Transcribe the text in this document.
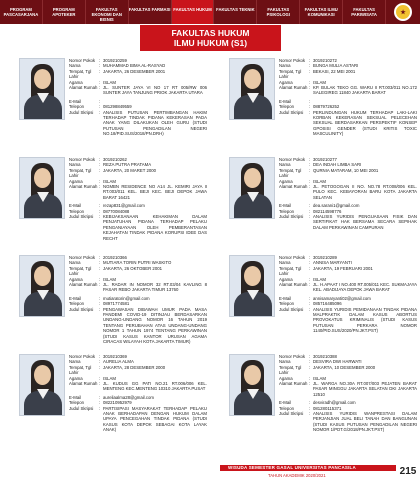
PROGRAM PASCASARJANA
PROGRAM APOTEKER
FAKULTAS EKONOMI DAN BISNIS
FAKULTAS FARMASI FAKULTAS HUKUM	FAKULTAS TEKNIK	FAKULTAS PSIKOLOGI
FAKULTAS ILMU KOMUNIKASI
FAKULTAS PARIWISATA	★
FAKULTAS HUKUM
ILMU HUKUM (S1)
Nomor Pokok : 3019210259
Nama	: MUHAMMAD BIMA AL-RASYAD
Tempat, Tgl Lahir
: JAKARTA, 26 DESEMBER 2001
Agama	: ISLAM
Alamat Rumah : JL. SUNTER JAYA VI NO 17 RT 005/RW 006 SUNTER JAYA TANJUNG PRIOK JAKARTA UTARA
E-Mail	:
Telepon	: 081298849559
Judul Skripsi	: ANALISIS PUTUSAN PERTIMBANGAN HAKIM TERHADAP TINDAK PIDANA KEKERASAN PADA ANAK YANG DILAKUKAN OLEH GURU (STUDI PUTUSAN PENGADILAN NEGERI NO.18/PID.SUS/2018/PN.DRH)
Nomor Pokok : 3019210272
Nama	: BUNGA MULIA ASTARI
Tempat, Tgl Lahir
: BEKASI, 22 MEI 2001
Agama	: ISLAM
Alamat Rumah : KP. BULAK TEKO GG. WARU II RT.003/011 NO.172 SALEGIREG 11840 JAKARTA BARAT
E-Mail	:
Telepon	: 08879726252
Judul Skripsi	: PERLINDUNGAN HUKUM TERHADAP LAKI-LAKI KORBAN KEKERASAN SEKSUAL PELECEHAN SEKSUAL BERDASARKAN PERSPEKTIF KONSEP GPOSISI GENDER (STUDI KRITIS TOXIC MASCULINITY)
Nomor Pokok : 3019210262
Nama	: REZA PUTRA PRATAMA
Tempat, Tgl Lahir
: JAKARTA, 20 MARET 2000
Agama	: ISLAM
Alamat Rumah : NGMBN RESIDENCE NO A14 JL. KEMIRI JAYA II RT.003/011 KEL. BEJI KEC. BEJI DEPOK JAWA BARAT 16421
E-Mail	: rezap831@gmail.com
Telepon	: 08770084088
Judul Skripsi	: KEBIJAKSANAAN KEHAKIMAN DALAM PENJATUHAN PIDANA TERHADAP PELAKU PENGANIAYAAN OLEH PEMBERANTASAN KEJAHATAN TINDAK PIDANA KORUPSI IDEE DAS RECHT
Nomor Pokok : 3019210277
Nama	: DEA INDAH LIMBA SARI
Tempat, Tgl Lahir
: QURNIA MATARAM, 10 MEI 2001
Agama	: ISLAM
Alamat Rumah : JL. PETOGOGAN II NO. NO.78 RT.008/006 KEL. PULO KEC. KEBAYORAN BARU KOTA JAKARTA SELATAN
E-Mail	: dea.sarani1@gmail.com
Telepon	: 082114598776
Judul Skripsi	: ANALISIS YURIDIS PENGUASAAN FISIK DAN SERTIFIKAT HAK BERSAMA SECARA SEPIHAK DALAM PERKAWINAN CAMPURAN
Nomor Pokok : 2019210366
Nama	: MUTIARA TORIN PUTRI WASKITO
Tempat, Tgl Lahir
: JAKARTA, 26 OKTOBER 2001
Agama	: ISLAM
Alamat Rumah : JL. RADAR IN NOMOR 32 RT.03/04 KAVLING 8 PASAR REBO JAKARTA TIMUR 13760
E-Mail	: mutiaratorin@gmail.com
Telepon	: 08971774581
Judul Skripsi	: PENGAWASAN DIBAWAH UMUR PADA MASA PANDEMI COVID-19 DITINJAU BERDASARKAN UNDANG-UNDANG NOMOR 16 TAHUN 2019 TENTANG PERUBAHAN ATAS UNDANG-UNDANG NOMOR 1 TAHUN 1974 TENTANG PERKAWINAN (STUDI KASUS KANTOR URUSAN AGAMA CIRACAS WILAYAH KOTA JAKARTA TIMUR)
Nomor Pokok : 3019210289
Nama	: ANNISA MARYANTI
Tempat, Tgl Lahir
: JAKARTA, 19 FEBRUARI 2001
Agama	: ISLAM
Alamat Rumah : JL. H.APAAT I NO.400 RT.005/011 KEC. SUKMAJAYA KEL. ABADIJAYA DEPOK JAWA BARAT
E-Mail	: annisamaryanti02@gmail.com
Telepon	: 085716485096
Judul Skripsi	: ANALISIS YURIDIS PEMIDANAAN TINDAK PIDANA MALPRAKTIK DALAM KASUS ABORTUS PROVOKATUS KRIMINALIS (STUDI KASUS PUTUSAN PERKARA NOMOR 1140/PID.SUS/2020/PN.JKT.PST)
Nomor Pokok : 3019210369
Nama	: AURELIA ALMA
Tempat, Tgl Lahir
: JAKARTA, 28 DESEMBER 2000
Agama	: ISLAM
Alamat Rumah : JL. KUDUS GG PATI NO.21 RT.006/006 KEL. MENTENG KEC.MENTENG 10310 JAKARTA PUSAT
E-Mail	: aureliaalma28@gmail.com
Telepon	: 082210952979
Judul Skripsi	: PARTISIPASI MASYARAKAT TERHADAP PELAKU ANAK BERHADAPAN DENGAN HUKUM DALAM UPAYA PENCEGAHAN TINDAK PIDANA (STUDI KASUS KOTA DEPOK SEBAGAI KOTA LAYAK ANAK)
Nomor Pokok : 3019210388
Nama	: DESVIRA DWI HARWATI
Tempat, Tgl Lahir
: JAKARTA, 10 DESEMBER 2000
Agama	: ISLAM
Alamat Rumah : JL. WARGA NO.30A RT.007/003 PEJATEN BARAT PASAR MINGGU JAKARTA SELATAN DKI JAKARTA 12510
E-Mail	: desviradh@gmail.com
Telepon	: 081280115371
Judul Skripsi	: ANALISIS YURIDIS WANPRESTASI DALAM PERJANJIAN JUAL BELI TANAH DAN BANGUNAN (STUDI KASUS PUTUSAN PENGADILAN NEGERI NOMOR 1/PDT.G/2018/PN.JKT.PST)
WISUDA SEMESTER GASAL UNIVERSITAS PANCASILA
TAHUN AKADEMIK 2020/2021	215
